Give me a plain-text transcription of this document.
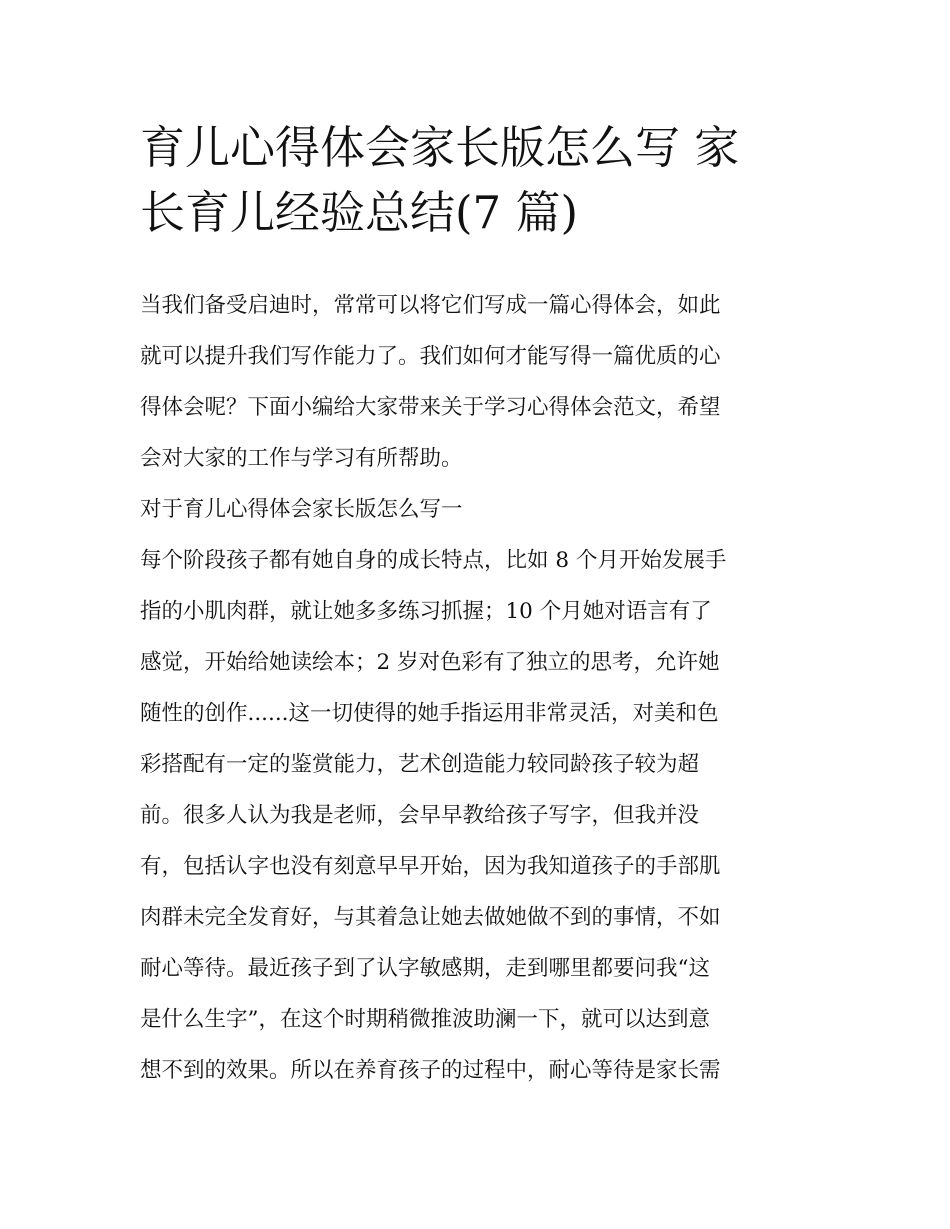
育儿心得体会家长版怎么写 家
长育儿经验总结(7 篇)
当我们备受启迪时，常常可以将它们写成一篇心得体会，如此
就可以提升我们写作能力了。我们如何才能写得一篇优质的心
得体会呢？下面小编给大家带来关于学习心得体会范文，希望
会对大家的工作与学习有所帮助。
对于育儿心得体会家长版怎么写一
每个阶段孩子都有她自身的成长特点，比如 8 个月开始发展手
指的小肌肉群，就让她多多练习抓握；10 个月她对语言有了
感觉，开始给她读绘本；2 岁对色彩有了独立的思考，允许她
随性的创作......这一切使得的她手指运用非常灵活，对美和色
彩搭配有一定的鉴赏能力，艺术创造能力较同龄孩子较为超
前。很多人认为我是老师，会早早教给孩子写字，但我并没
有，包括认字也没有刻意早早开始，因为我知道孩子的手部肌
肉群未完全发育好，与其着急让她去做她做不到的事情，不如
耐心等待。最近孩子到了认字敏感期，走到哪里都要问我“这
是什么生字”，在这个时期稍微推波助澜一下，就可以达到意
想不到的效果。所以在养育孩子的过程中，耐心等待是家长需
